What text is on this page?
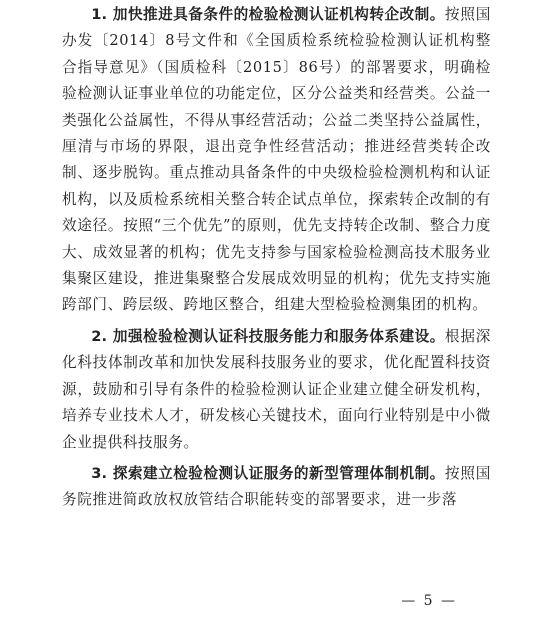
1. 加快推进具备条件的检验检测认证机构转企改制。按照国办发〔2014〕8号文件和《全国质检系统检验检测认证机构整合指导意见》（国质检科〔2015〕86号）的部署要求，明确检验检测认证事业单位的功能定位，区分公益类和经营类。公益一类强化公益属性，不得从事经营活动；公益二类坚持公益属性，厘清与市场的界限，退出竞争性经营活动；推进经营类转企改制、逐步脱钩。重点推动具备条件的中央级检验检测机构和认证机构，以及质检系统相关整合转企试点单位，探索转企改制的有效途径。按照“三个优先”的原则，优先支持转企改制、整合力度大、成效显著的机构；优先支持参与国家检验检测高技术服务业集聚区建设，推进集聚整合发展成效明显的机构；优先支持实施跨部门、跨层级、跨地区整合，组建大型检验检测集团的机构。

2. 加强检验检测认证科技服务能力和服务体系建设。根据深化科技体制改革和加快发展科技服务业的要求，优化配置科技资源，鼓励和引导有条件的检验检测认证企业建立健全研发机构，培养专业技术人才，研发核心关键技术，面向行业特别是中小微企业提供科技服务。

3. 探索建立检验检测认证服务的新型管理体制机制。按照国务院推进简政放权放管结合职能转变的部署要求，进一步落

— 5 —
